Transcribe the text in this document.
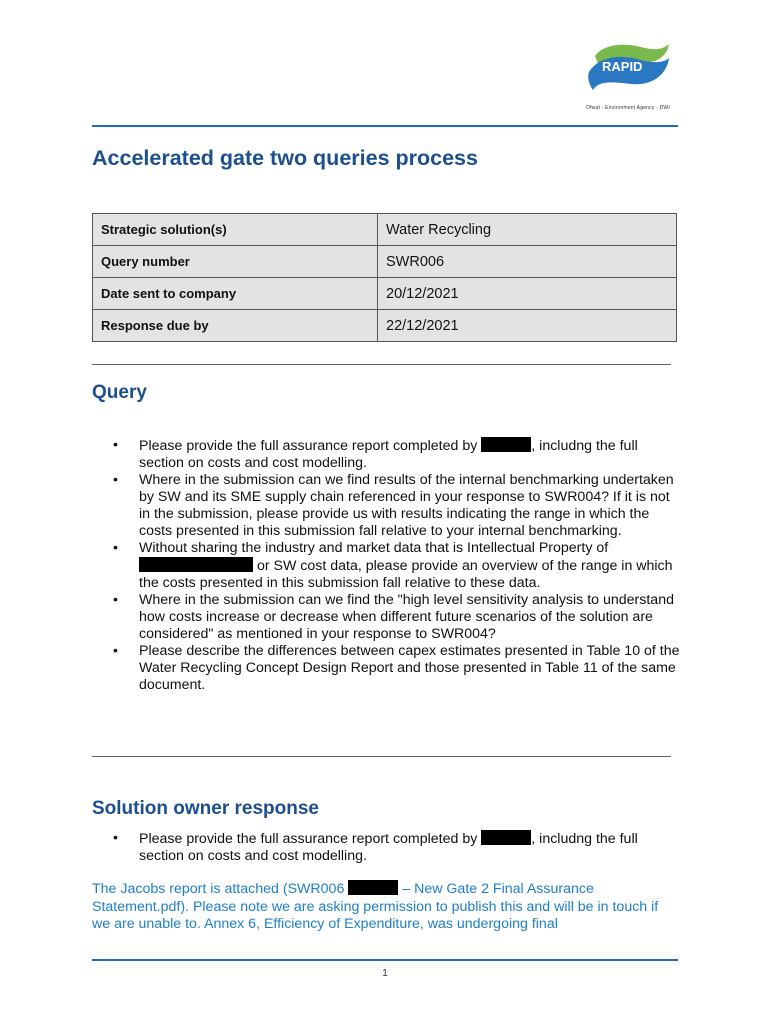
RAPID
Ofwat · Environment Agency · DWI
Accelerated gate two queries process
Strategic solution(s)	Water Recycling
Query number	SWR006
Date sent to company	20/12/2021
Response due by	22/12/2021
Query
• Please provide the full assurance report completed by	, includng the full section on costs and cost modelling.
• Where in the submission can we find results of the internal benchmarking undertaken by SW and its SME supply chain referenced in your response to SWR004? If it is not in the submission, please provide us with results indicating the range in which the costs presented in this submission fall relative to your internal benchmarking.
• Without sharing the industry and market data that is Intellectual Property of  or SW cost data, please provide an overview of the range in which the costs presented in this submission fall relative to these data.
• Where in the submission can we find the "high level sensitivity analysis to understand how costs increase or decrease when different future scenarios of the solution are considered" as mentioned in your response to SWR004?
• Please describe the differences between capex estimates presented in Table 10 of the Water Recycling Concept Design Report and those presented in Table 11 of the same document.
Solution owner response
• Please provide the full assurance report completed by	, includng the full section on costs and cost modelling.
The Jacobs report is attached (SWR006	– New Gate 2 Final Assurance Statement.pdf). Please note we are asking permission to publish this and will be in touch if we are unable to. Annex 6, Efficiency of Expenditure, was undergoing final
1
